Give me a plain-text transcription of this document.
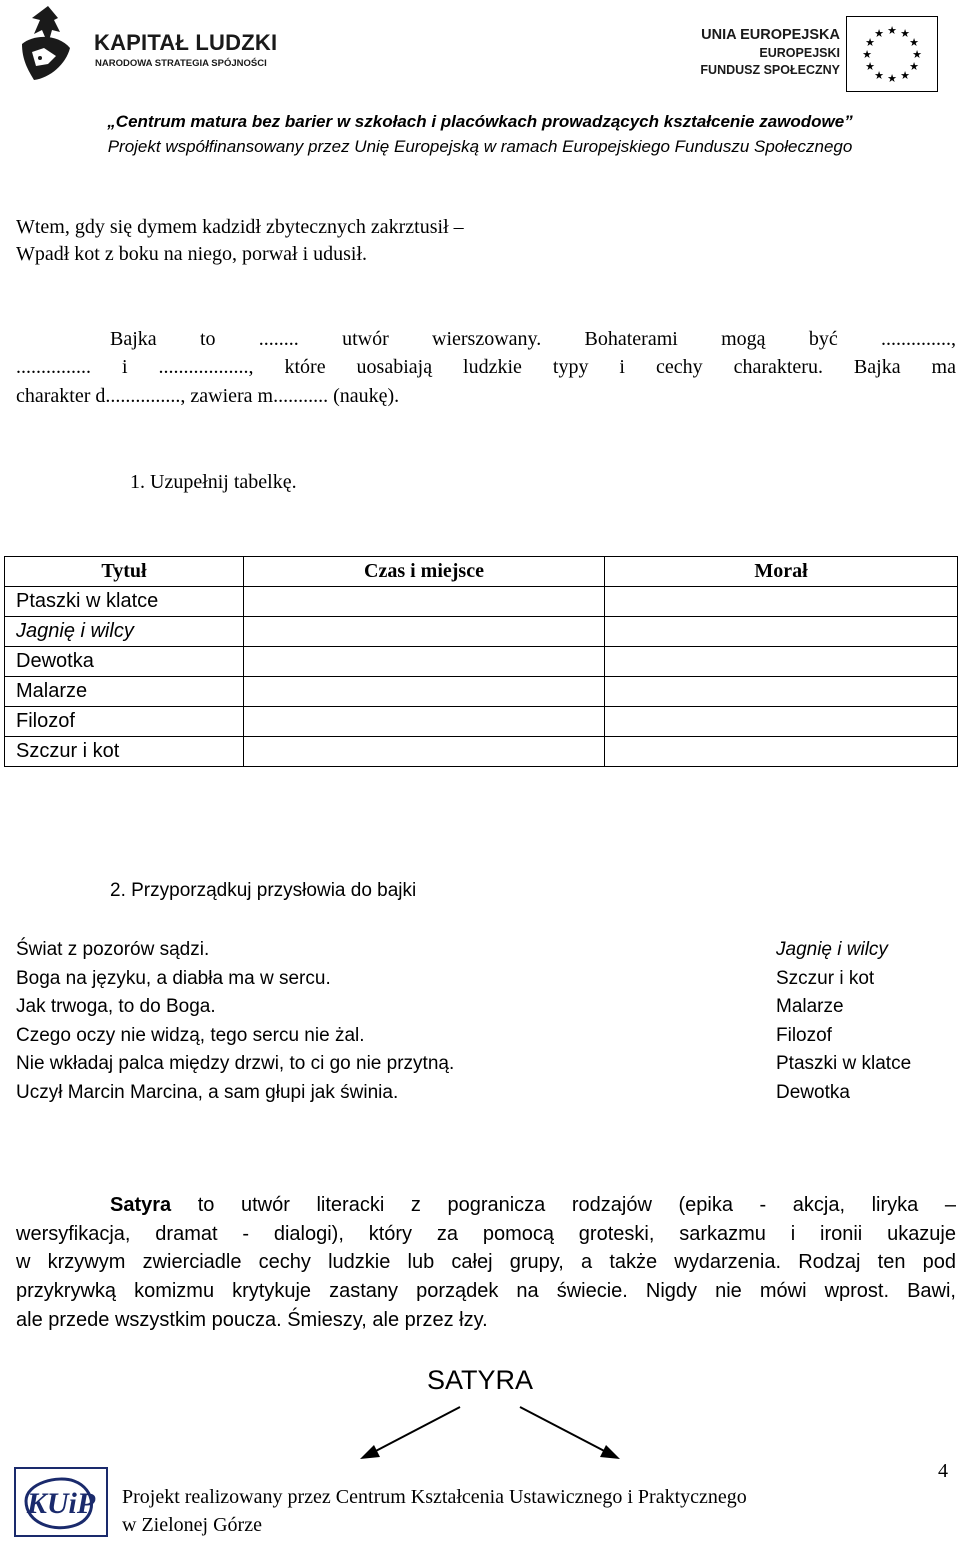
KAPITAŁ LUDZKI
NARODOWA STRATEGIA SPÓJNOŚCI
UNIA EUROPEJSKA
EUROPEJSKI
FUNDUSZ SPOŁECZNY
★ ★
★
★
★
★
★
★
★
★
★
★
„Centrum matura bez barier w szkołach i placówkach prowadzących kształcenie zawodowe”
Projekt współfinansowany przez Unię Europejską w ramach Europejskiego Funduszu Społecznego
Wtem, gdy się dymem kadzidł zbytecznych zakrztusił –
Wpadł kot z boku na niego, porwał i udusił.
Bajka to ........ utwór wierszowany. Bohaterami mogą być ..............,
............... i .................., które uosabiają ludzkie typy i cechy charakteru. Bajka ma
charakter d..............., zawiera m........... (naukę).
1. Uzupełnij tabelkę.
Tytuł	Czas i miejsce	Morał
Ptaszki w klatce		
Jagnię i wilcy		
Dewotka		
Malarze		
Filozof		
Szczur i kot		
2. Przyporządkuj przysłowia do bajki
Świat z pozorów sądzi.
Boga na języku, a diabła ma w sercu.
Jak trwoga, to do Boga.
Czego oczy nie widzą, tego sercu nie żal.
Nie wkładaj palca między drzwi, to ci go nie przytną.
Uczył Marcin Marcina, a sam głupi jak świnia.
Jagnię i wilcy
Szczur i kot
Malarze
Filozof
Ptaszki w klatce
Dewotka
Satyra to utwór literacki z pogranicza rodzajów (epika - akcja, liryka –
wersyfikacja, dramat - dialogi), który za pomocą groteski, sarkazmu i ironii ukazuje
w krzywym zwierciadle cechy ludzkie lub całej grupy, a także wydarzenia. Rodzaj ten pod
przykrywką komizmu krytykuje zastany porządek na świecie. Nigdy nie mówi wprost. Bawi,
ale przede wszystkim poucza. Śmieszy, ale przez łzy.
SATYRA
KUiP Projekt realizowany przez Centrum Kształcenia Ustawicznego i Praktycznego
w Zielonej Górze
4
